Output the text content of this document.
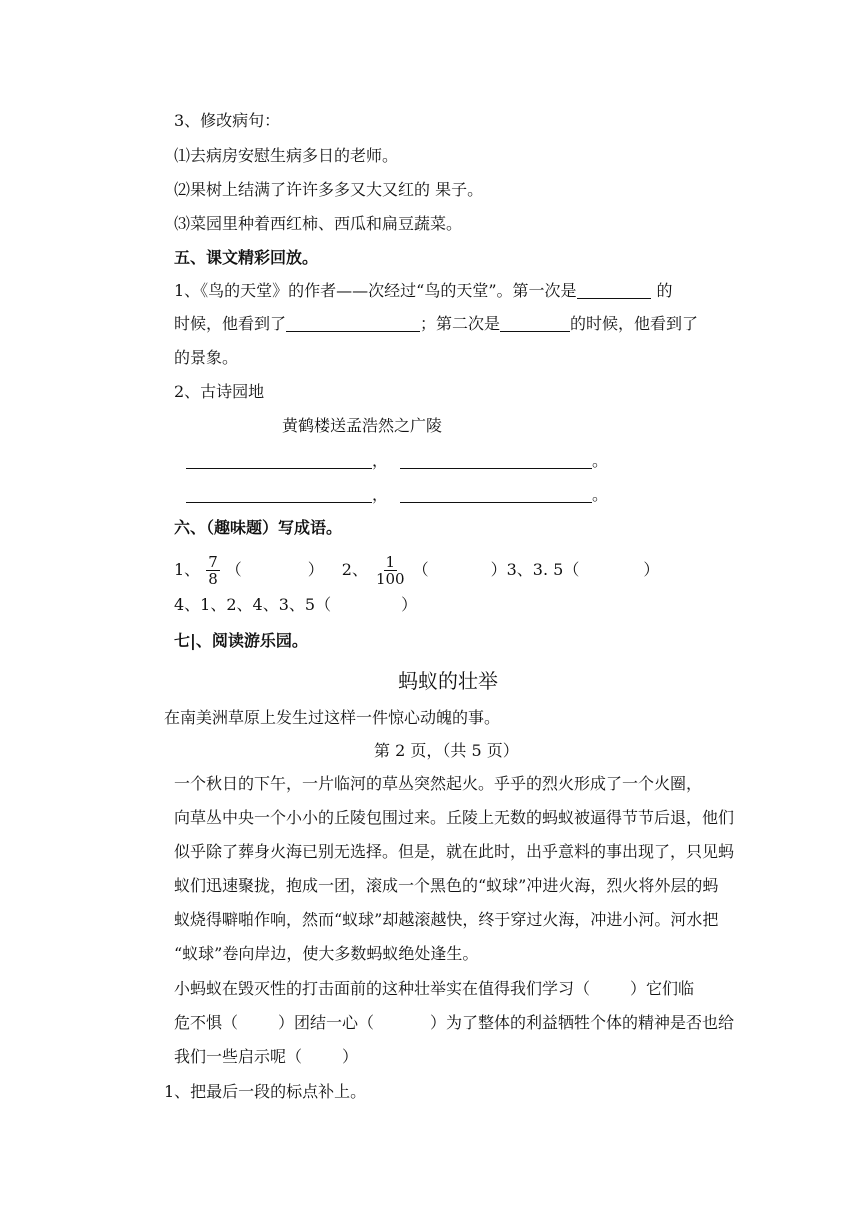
3、修改病句：
⑴去病房安慰生病多日的老师。
⑵果树上结满了许许多多又大又红的 果子。
⑶菜园里种着西红柿、西瓜和扁豆蔬菜。
五、课文精彩回放。
1、《鸟的天堂》的作者——次经过“鸟的天堂”。第一次是	的
时候，他看到了	；第二次是	的时候，他看到了
的景象。
2、古诗园地
黄鹤楼送孟浩然之广陵
，	。
，	。
六、（趣味题）写成语。
1、 $\frac{7}{8}$ （	） 2、 $\frac{1}{100}$ （	）3、3. 5（	）
4、1、2、4、3、5（	）
七|、阅读游乐园。
蚂蚁的壮举
在南美洲草原上发生过这样一件惊心动魄的事。
第 2 页，（共 5 页）
一个秋日的下午，一片临河的草丛突然起火。乎乎的烈火形成了一个火圈，
向草丛中央一个小小的丘陵包围过来。丘陵上无数的蚂蚁被逼得节节后退，他们
似乎除了葬身火海已别无选择。但是，就在此时，出乎意料的事出现了，只见蚂
蚁们迅速聚拢，抱成一团，滚成一个黑色的“蚁球”冲进火海，烈火将外层的蚂
蚁烧得噼啪作响，然而“蚁球”却越滚越快，终于穿过火海，冲进小河。河水把
“蚁球”卷向岸边，使大多数蚂蚁绝处逢生。
小蚂蚁在毁灭性的打击面前的这种壮举实在值得我们学习（	）它们临
危不惧（	）团结一心（	）为了整体的利益牺牲个体的精神是否也给
我们一些启示呢（	）
1、把最后一段的标点补上。
